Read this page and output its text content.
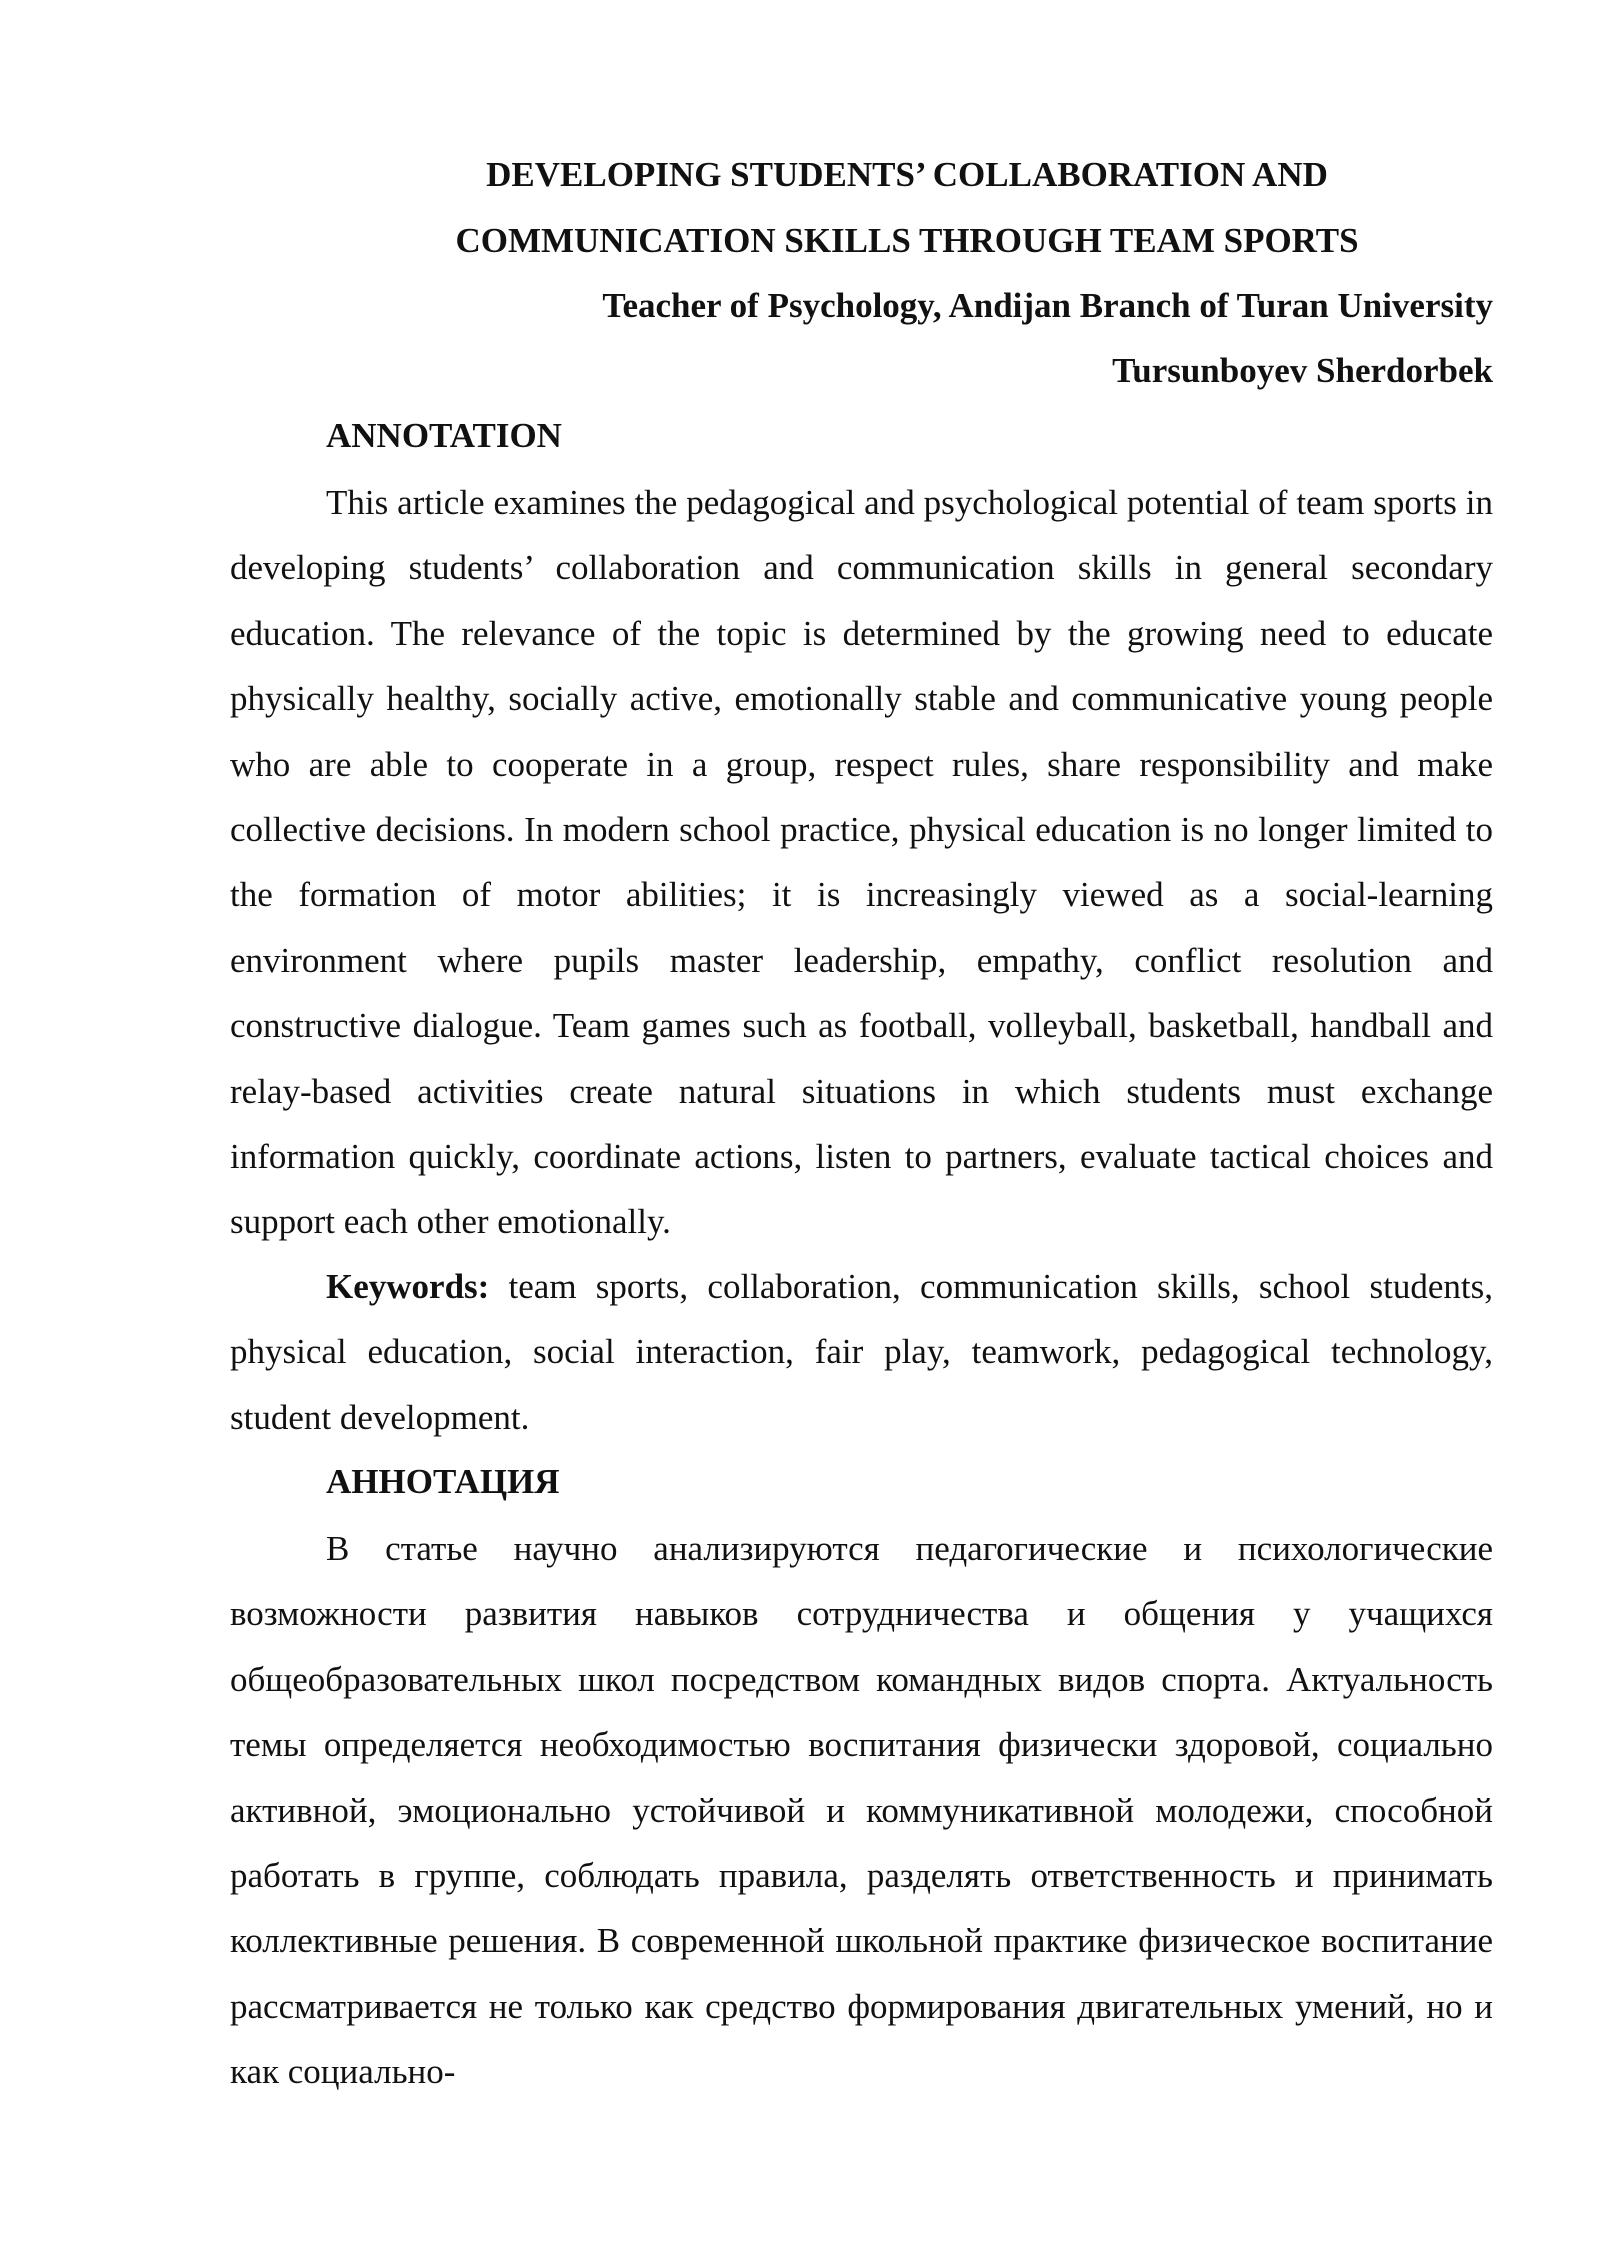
DEVELOPING STUDENTS’ COLLABORATION AND
COMMUNICATION SKILLS THROUGH TEAM SPORTS
Teacher of Psychology, Andijan Branch of Turan University
Tursunboyev Sherdorbek
ANNOTATION

This article examines the pedagogical and psychological potential of team sports in developing students’ collaboration and communication skills in general secondary education. The relevance of the topic is determined by the growing need to educate physically healthy, socially active, emotionally stable and communicative young people who are able to cooperate in a group, respect rules, share responsibility and make collective decisions. In modern school practice, physical education is no longer limited to the formation of motor abilities; it is increasingly viewed as a social-learning environment where pupils master leadership, empathy, conflict resolution and constructive dialogue. Team games such as football, volleyball, basketball, handball and relay-based activities create natural situations in which students must exchange information quickly, coordinate actions, listen to partners, evaluate tactical choices and support each other emotionally.

Keywords: team sports, collaboration, communication skills, school students, physical education, social interaction, fair play, teamwork, pedagogical technology, student development.

АННОТАЦИЯ

В статье научно анализируются педагогические и психологические возможности развития навыков сотрудничества и общения у учащихся общеобразовательных школ посредством командных видов спорта. Актуальность темы определяется необходимостью воспитания физически здоровой, социально активной, эмоционально устойчивой и коммуникативной молодежи, способной работать в группе, соблюдать правила, разделять ответственность и принимать коллективные решения. В современной школьной практике физическое воспитание рассматривается не только как средство формирования двигательных умений, но и как социально-
